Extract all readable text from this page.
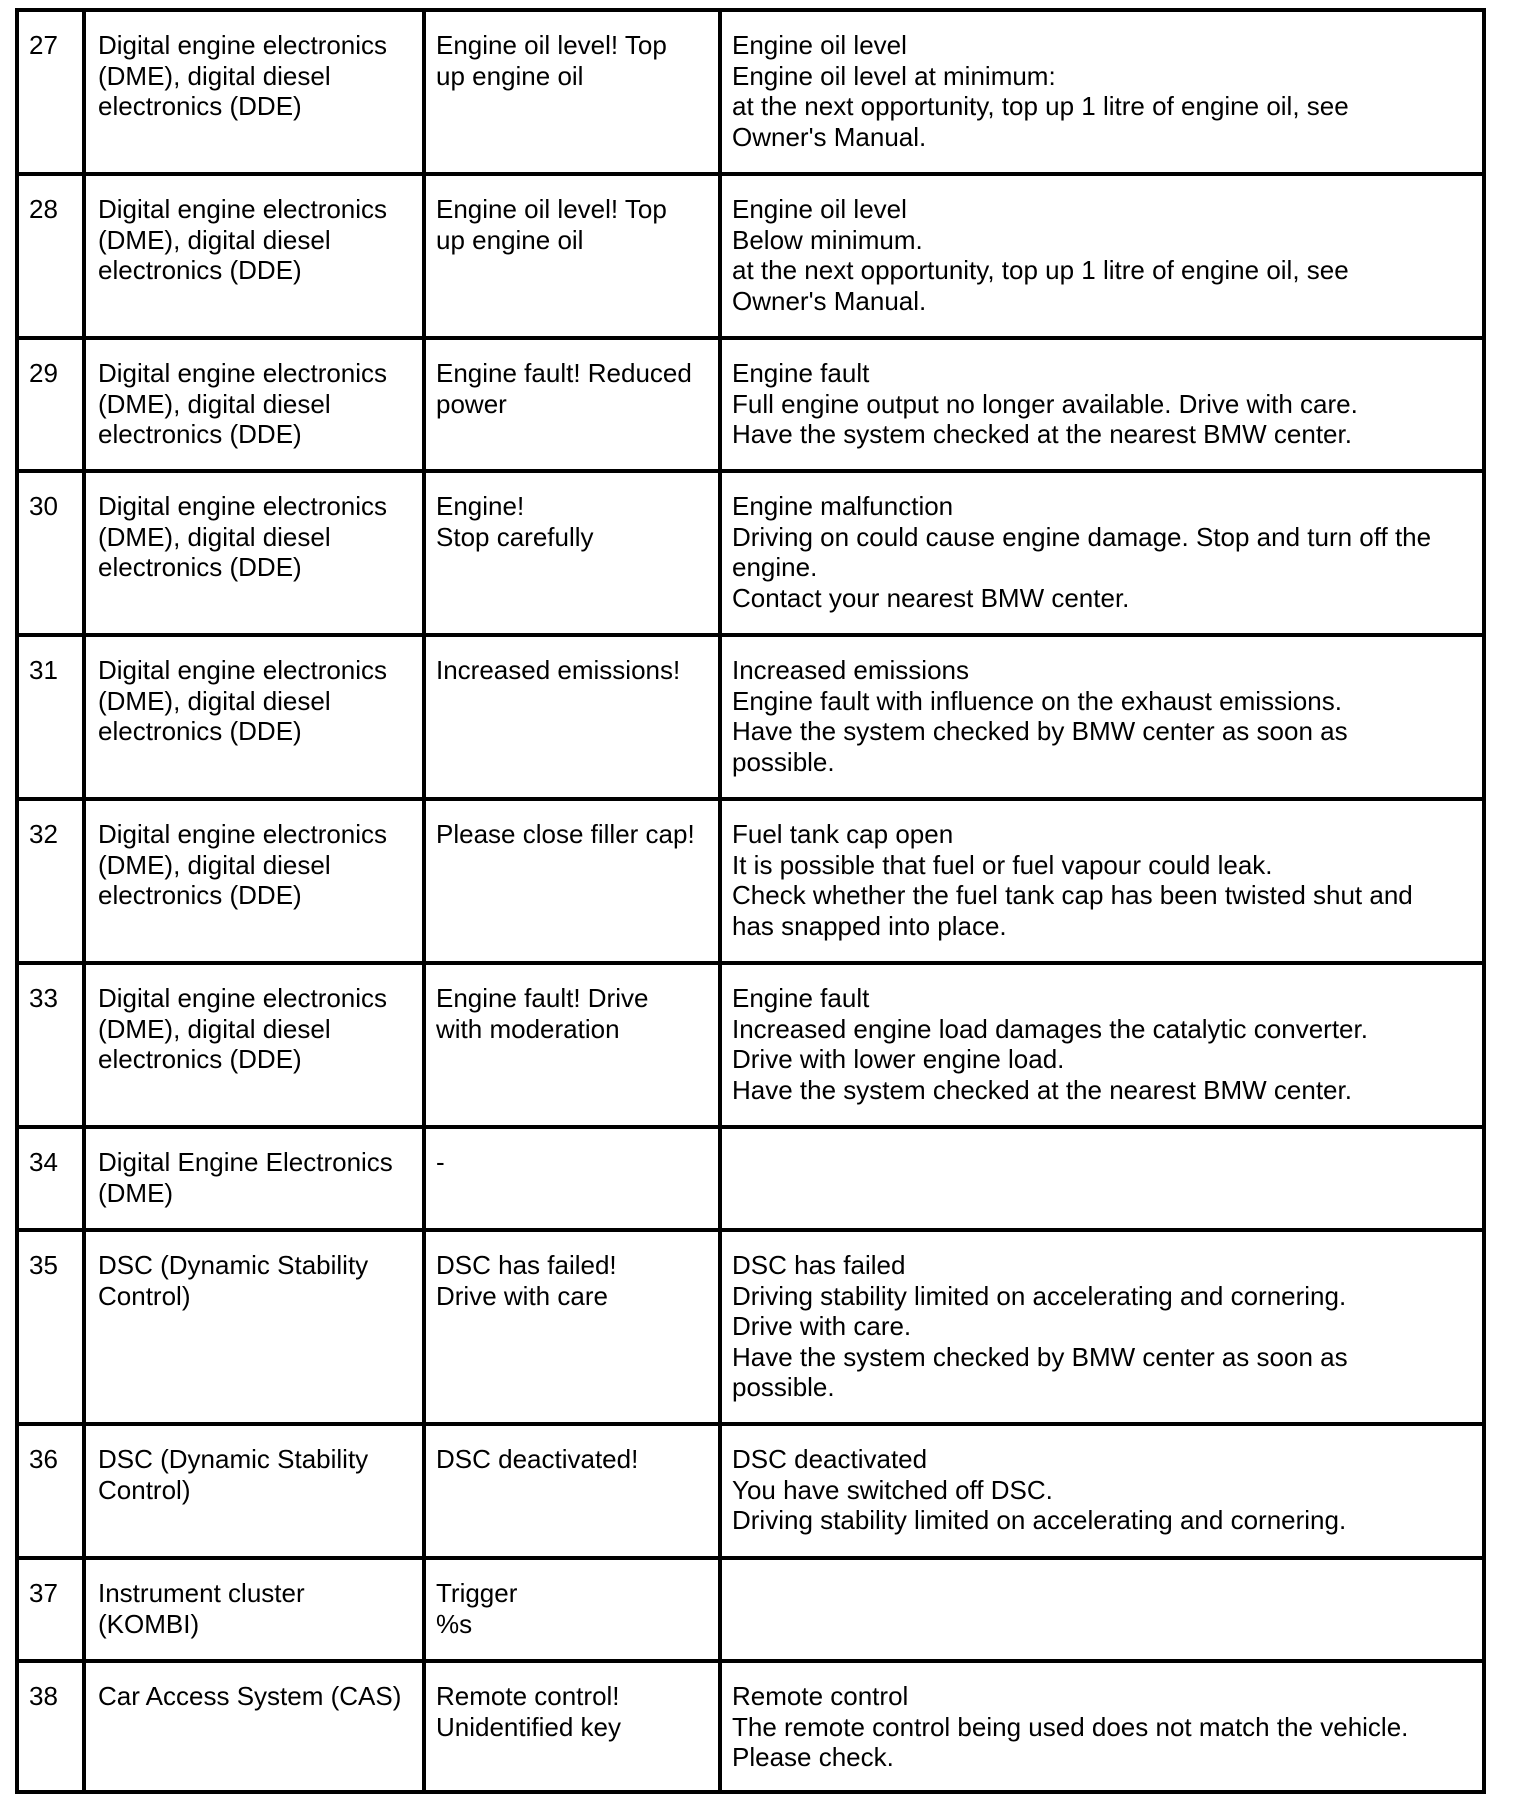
27	Digital engine electronics
(DME), digital diesel
electronics (DDE)	Engine oil level! Top
up engine oil	Engine oil level
Engine oil level at minimum:
at the next opportunity, top up 1 litre of engine oil, see
Owner's Manual.

28	Digital engine electronics
(DME), digital diesel
electronics (DDE)	Engine oil level! Top
up engine oil	Engine oil level
Below minimum.
at the next opportunity, top up 1 litre of engine oil, see
Owner's Manual.

29	Digital engine electronics
(DME), digital diesel
electronics (DDE)	Engine fault! Reduced
power	Engine fault
Full engine output no longer available. Drive with care.
Have the system checked at the nearest BMW center.

30	Digital engine electronics
(DME), digital diesel
electronics (DDE)	Engine!
Stop carefully	Engine malfunction
Driving on could cause engine damage. Stop and turn off the
engine.
Contact your nearest BMW center.

31	Digital engine electronics
(DME), digital diesel
electronics (DDE)	Increased emissions!	Increased emissions
Engine fault with influence on the exhaust emissions.
Have the system checked by BMW center as soon as
possible.

32	Digital engine electronics
(DME), digital diesel
electronics (DDE)	Please close filler cap!	Fuel tank cap open
It is possible that fuel or fuel vapour could leak.
Check whether the fuel tank cap has been twisted shut and
has snapped into place.

33	Digital engine electronics
(DME), digital diesel
electronics (DDE)	Engine fault! Drive
with moderation	Engine fault
Increased engine load damages the catalytic converter.
Drive with lower engine load.
Have the system checked at the nearest BMW center.

34	Digital Engine Electronics
(DME)	-	

35	DSC (Dynamic Stability
Control)	DSC has failed!
Drive with care	DSC has failed
Driving stability limited on accelerating and cornering.
Drive with care.
Have the system checked by BMW center as soon as
possible.

36	DSC (Dynamic Stability
Control)	DSC deactivated!	DSC deactivated
You have switched off DSC.
Driving stability limited on accelerating and cornering.

37	Instrument cluster
(KOMBI)	Trigger
%s	

38	Car Access System (CAS)	Remote control!
Unidentified key	Remote control
The remote control being used does not match the vehicle.
Please check.
